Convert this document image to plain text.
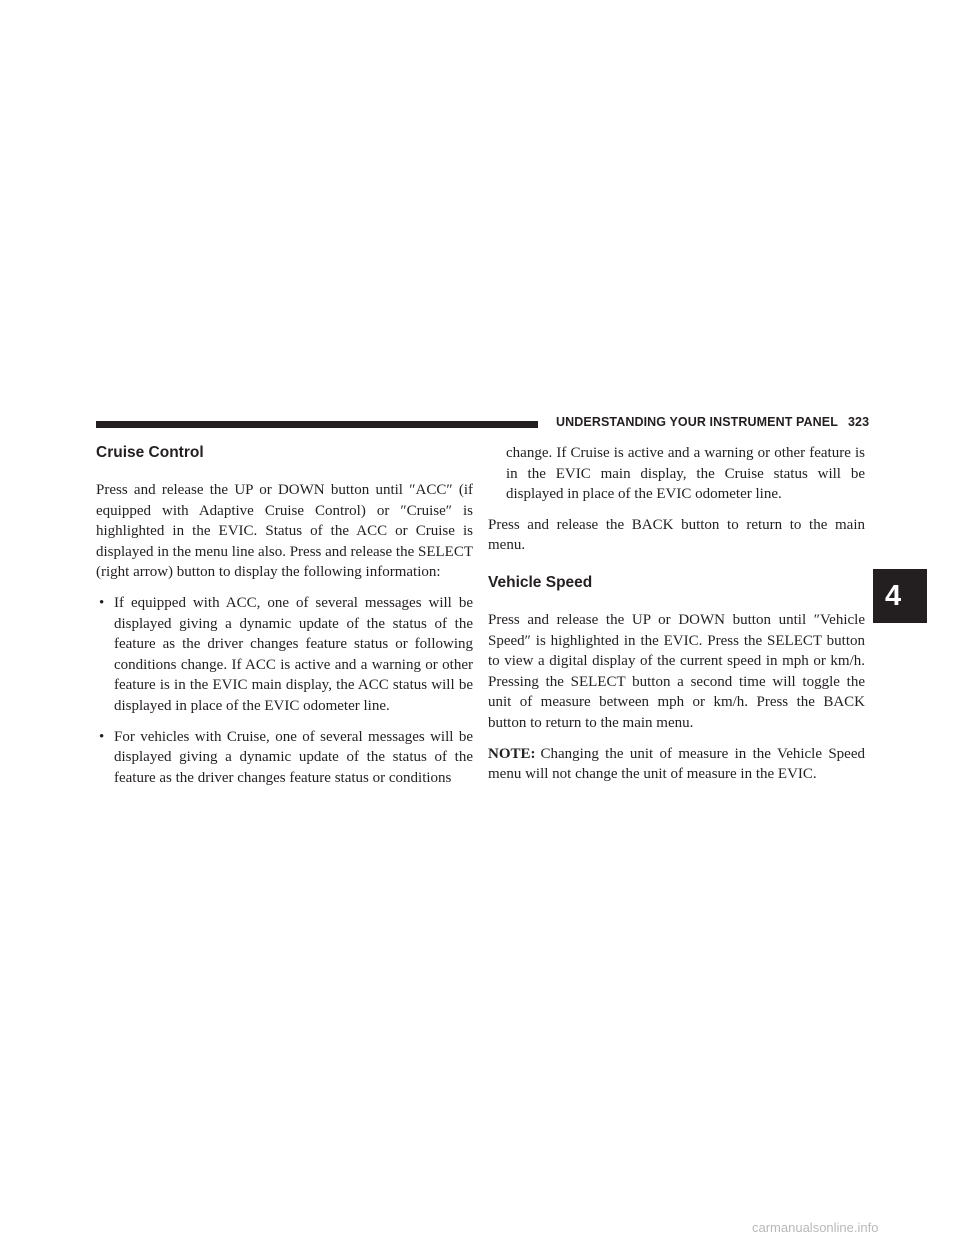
UNDERSTANDING YOUR INSTRUMENT PANEL 323
Cruise Control

Press and release the UP or DOWN button until ″ACC″ (if equipped with Adaptive Cruise Control) or ″Cruise″ is highlighted in the EVIC. Status of the ACC or Cruise is displayed in the menu line also. Press and release the SELECT (right arrow) button to display the following information:

• If equipped with ACC, one of several messages will be displayed giving a dynamic update of the status of the feature as the driver changes feature status or following conditions change. If ACC is active and a warning or other feature is in the EVIC main display, the ACC status will be displayed in place of the EVIC odometer line.

• For vehicles with Cruise, one of several messages will be displayed giving a dynamic update of the status of the feature as the driver changes feature status or conditions

change. If Cruise is active and a warning or other feature is in the EVIC main display, the Cruise status will be displayed in place of the EVIC odometer line.

Press and release the BACK button to return to the main menu.

Vehicle Speed

Press and release the UP or DOWN button until ″Vehicle Speed″ is highlighted in the EVIC. Press the SELECT button to view a digital display of the current speed in mph or km/h. Pressing the SELECT button a second time will toggle the unit of measure between mph or km/h. Press the BACK button to return to the main menu.

NOTE: Changing the unit of measure in the Vehicle Speed menu will not change the unit of measure in the EVIC.

4
carmanualsonline.info
